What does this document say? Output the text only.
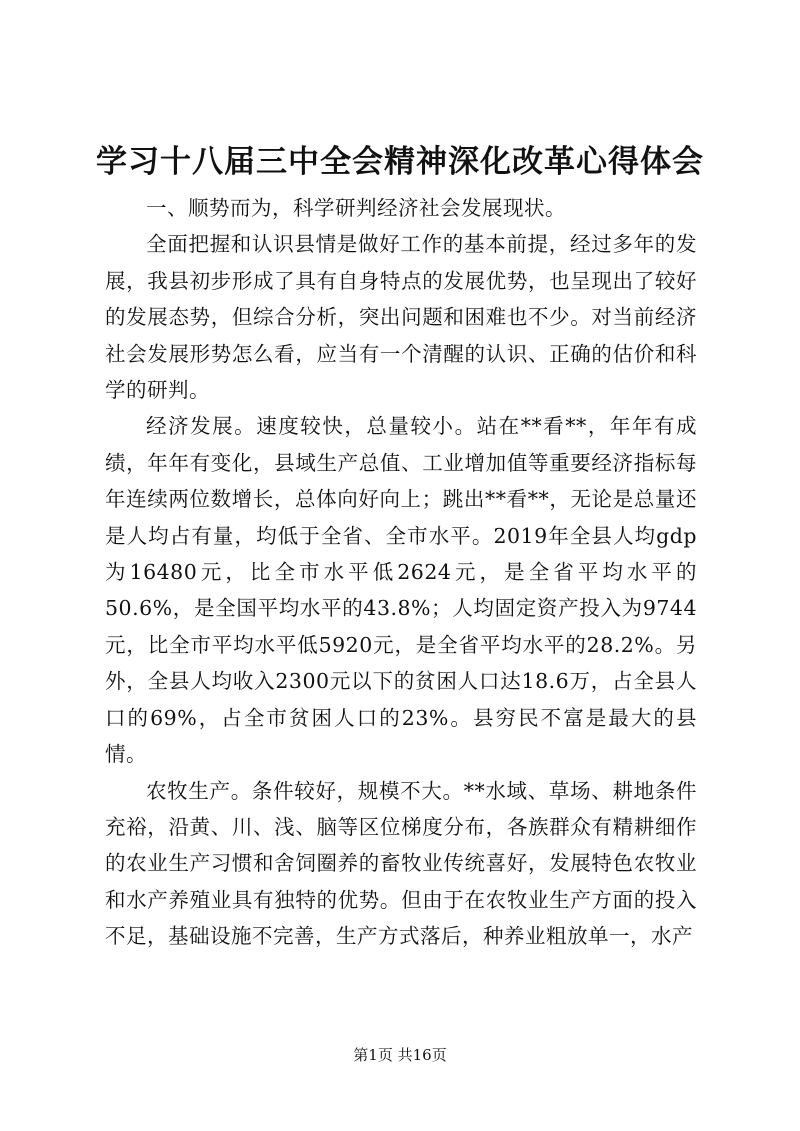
学习十八届三中全会精神深化改革心得体会

一、顺势而为，科学研判经济社会发展现状。

全面把握和认识县情是做好工作的基本前提，经过多年的发展，我县初步形成了具有自身特点的发展优势，也呈现出了较好的发展态势，但综合分析，突出问题和困难也不少。对当前经济社会发展形势怎么看，应当有一个清醒的认识、正确的估价和科学的研判。

经济发展。速度较快，总量较小。站在**看**，年年有成绩，年年有变化，县域生产总值、工业增加值等重要经济指标每年连续两位数增长，总体向好向上；跳出**看**，无论是总量还是人均占有量，均低于全省、全市水平。2019年全县人均gdp为16480元，比全市水平低2624元，是全省平均水平的50.6%，是全国平均水平的43.8%；人均固定资产投入为9744元，比全市平均水平低5920元，是全省平均水平的28.2%。另外，全县人均收入2300元以下的贫困人口达18.6万，占全县人口的69%，占全市贫困人口的23%。县穷民不富是最大的县情。

农牧生产。条件较好，规模不大。**水域、草场、耕地条件充裕，沿黄、川、浅、脑等区位梯度分布，各族群众有精耕细作的农业生产习惯和舍饲圈养的畜牧业传统喜好，发展特色农牧业和水产养殖业具有独特的优势。但由于在农牧业生产方面的投入不足，基础设施不完善，生产方式落后，种养业粗放单一，水产

第1页 共16页
